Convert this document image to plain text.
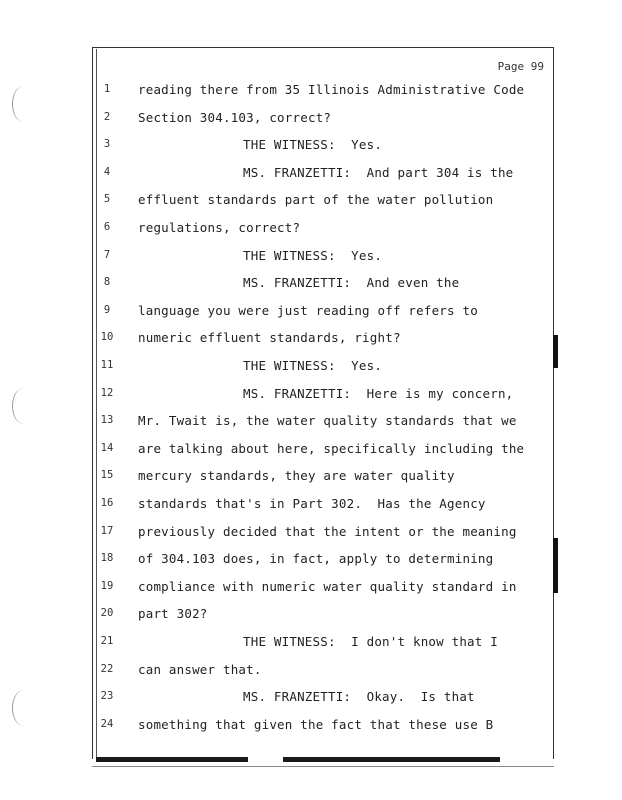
Page 99
1	reading there from 35 Illinois Administrative Code
2	Section 304.103, correct?
3	THE WITNESS:  Yes.
4	MS. FRANZETTI:  And part 304 is the
5	effluent standards part of the water pollution
6	regulations, correct?
7	THE WITNESS:  Yes.
8	MS. FRANZETTI:  And even the
9	language you were just reading off refers to
10	numeric effluent standards, right?
11	THE WITNESS:  Yes.
12	MS. FRANZETTI:  Here is my concern,
13	Mr. Twait is, the water quality standards that we
14	are talking about here, specifically including the
15	mercury standards, they are water quality
16	standards that's in Part 302.  Has the Agency
17	previously decided that the intent or the meaning
18	of 304.103 does, in fact, apply to determining
19	compliance with numeric water quality standard in
20	part 302?
21	THE WITNESS:  I don't know that I
22	can answer that.
23	MS. FRANZETTI:  Okay.  Is that
24	something that given the fact that these use B
